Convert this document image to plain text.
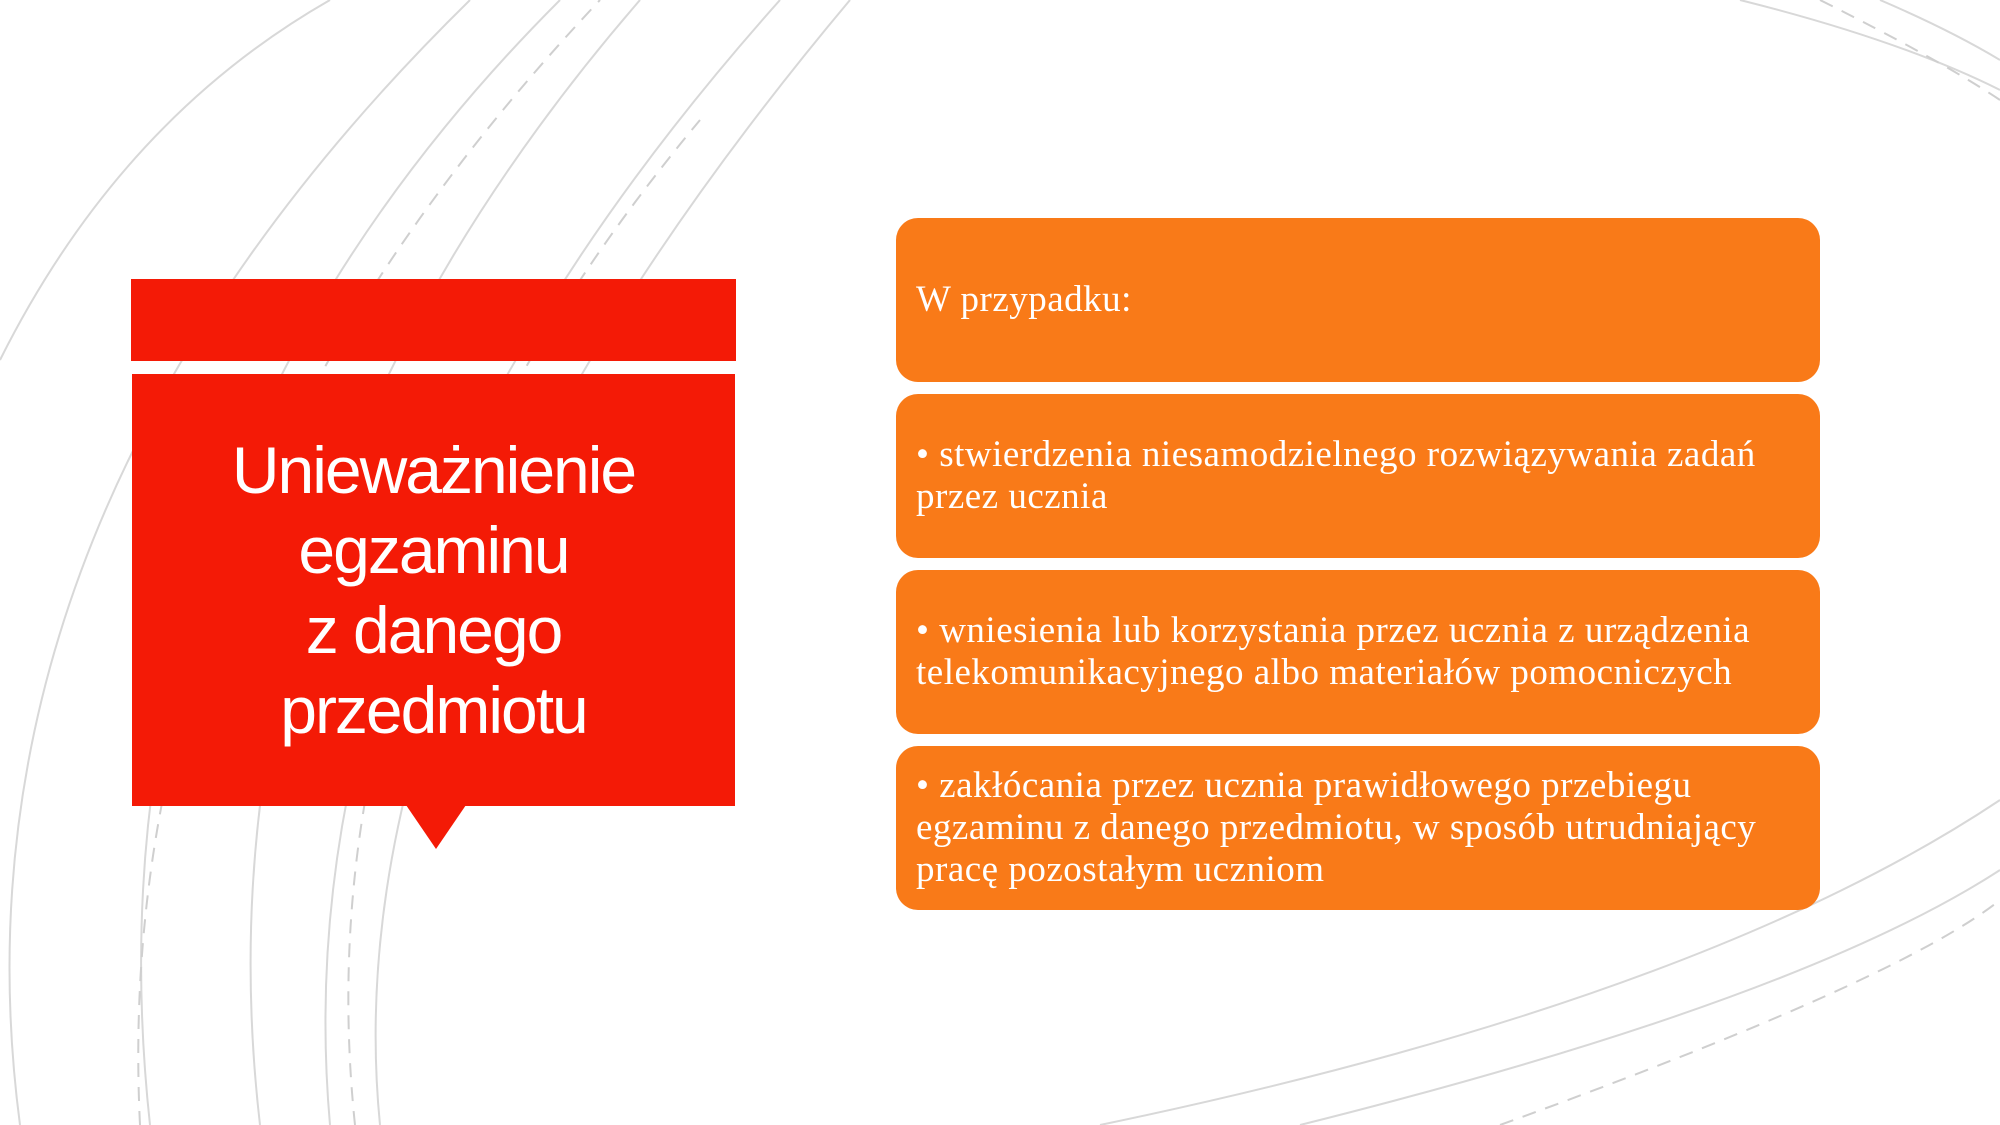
Unieważnienie
egzaminu
z danego
przedmiotu

W przypadku:

• stwierdzenia niesamodzielnego rozwiązywania zadań przez ucznia

• wniesienia lub korzystania przez ucznia z urządzenia telekomunikacyjnego albo materiałów pomocniczych

• zakłócania przez ucznia prawidłowego przebiegu egzaminu z danego przedmiotu, w sposób utrudniający pracę pozostałym uczniom
